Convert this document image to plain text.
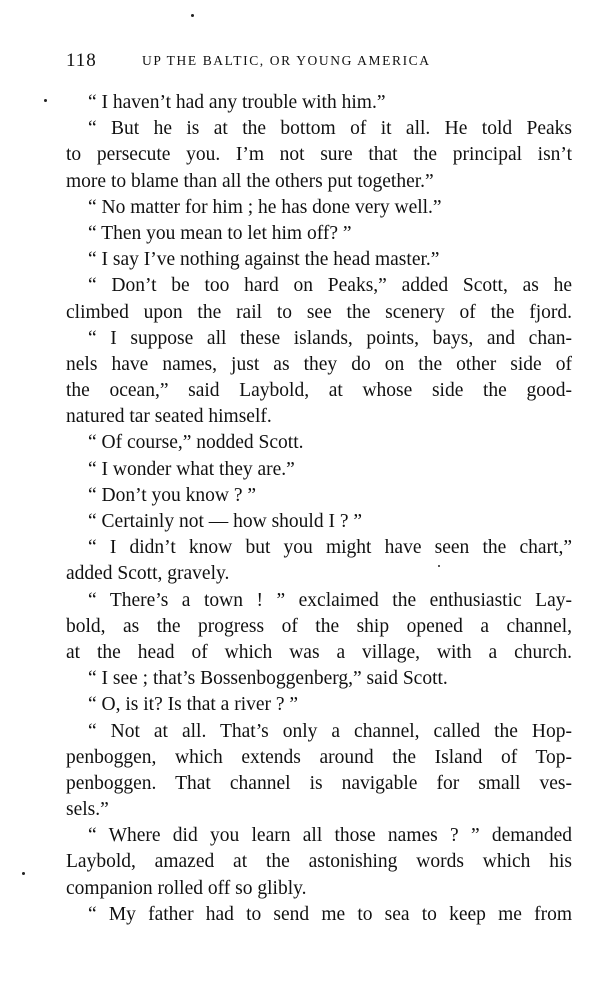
118	UP THE BALTIC, OR YOUNG AMERICA
“ I haven’t had any trouble with him.”
“ But he is at the bottom of it all. He told Peaks
to persecute you. I’m not sure that the principal isn’t
more to blame than all the others put together.”
“ No matter for him ; he has done very well.”
“ Then you mean to let him off? ”
“ I say I’ve nothing against the head master.”
“ Don’t be too hard on Peaks,” added Scott, as he
climbed upon the rail to see the scenery of the fjord.
“ I suppose all these islands, points, bays, and chan-
nels have names, just as they do on the other side of
the ocean,” said Laybold, at whose side the good-
natured tar seated himself.
“ Of course,” nodded Scott.
“ I wonder what they are.”
“ Don’t you know ? ”
“ Certainly not — how should I ? ”
“ I didn’t know but you might have seen the chart,”
added Scott, gravely.
“ There’s a town ! ” exclaimed the enthusiastic Lay-
bold, as the progress of the ship opened a channel,
at the head of which was a village, with a church.
“ I see ; that’s Bossenboggenberg,” said Scott.
“ O, is it? Is that a river ? ”
“ Not at all. That’s only a channel, called the Hop-
penboggen, which extends around the Island of Top-
penboggen. That channel is navigable for small ves-
sels.”
“ Where did you learn all those names ? ” demanded
Laybold, amazed at the astonishing words which his
companion rolled off so glibly.
“ My father had to send me to sea to keep me from
